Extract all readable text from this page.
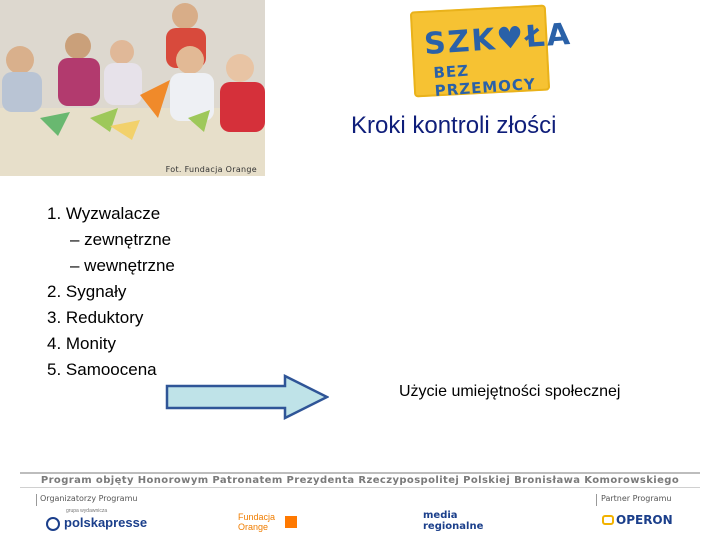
Fot. Fundacja Orange
SZK♥ŁA
BEZ PRZEMOCY
Kroki kontroli złości
1. Wyzwalacze
– zewnętrzne
– wewnętrzne
2. Sygnały
3. Reduktory
4. Monity
5. Samoocena
Użycie umiejętności społecznej
Program objęty Honorowym Patronatem Prezydenta Rzeczypospolitej Polskiej Bronisława Komorowskiego
Organizatorzy Programu	Partner Programu
grupa wydawnicza
polskapresse	Fundacja
Orange
media
regionalne	OPERON
